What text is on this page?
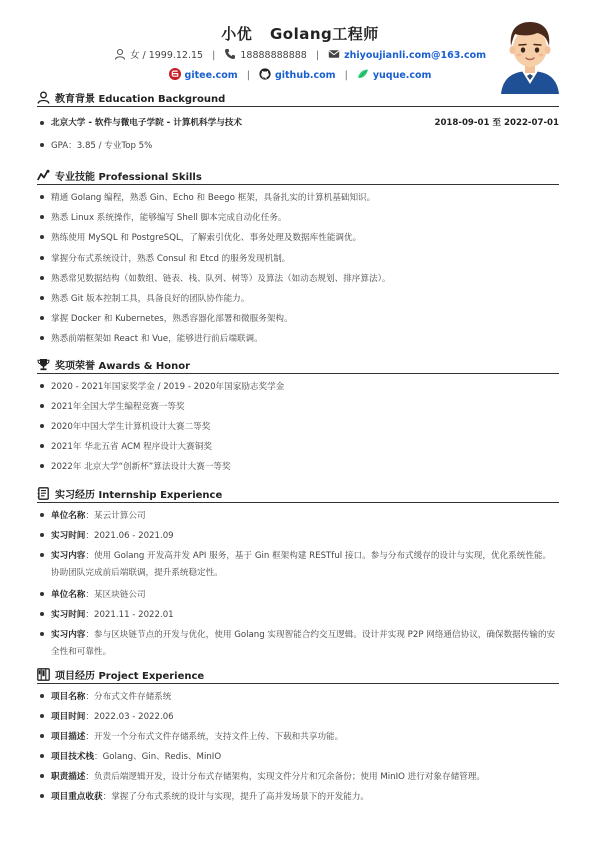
小优 Golang工程师
女 / 1999.12.15 |	18888888888 |	zhiyoujianli.com@163.com
gitee.com |	github.com |	yuque.com
教育背景 Education Background
北京大学 - 软件与微电子学院 - 计算机科学与技术	2018-09-01 至 2022-07-01
GPA：3.85 / 专业Top 5%
专业技能 Professional Skills
精通 Golang 编程，熟悉 Gin、Echo 和 Beego 框架，具备扎实的计算机基础知识。
熟悉 Linux 系统操作，能够编写 Shell 脚本完成自动化任务。
熟练使用 MySQL 和 PostgreSQL，了解索引优化、事务处理及数据库性能调优。
掌握分布式系统设计，熟悉 Consul 和 Etcd 的服务发现机制。
熟悉常见数据结构（如数组、链表、栈、队列、树等）及算法（如动态规划、排序算法）。
熟悉 Git 版本控制工具，具备良好的团队协作能力。
掌握 Docker 和 Kubernetes，熟悉容器化部署和微服务架构。
熟悉前端框架如 React 和 Vue，能够进行前后端联调。
奖项荣誉 Awards & Honor
2020 - 2021年国家奖学金 / 2019 - 2020年国家励志奖学金
2021年全国大学生编程竞赛一等奖
2020年中国大学生计算机设计大赛二等奖
2021年 华北五省 ACM 程序设计大赛铜奖
2022年 北京大学“创新杯”算法设计大赛一等奖
实习经历 Internship Experience
单位名称：某云计算公司
实习时间：2021.06 - 2021.09
实习内容：使用 Golang 开发高并发 API 服务，基于 Gin 框架构建 RESTful 接口。参与分布式缓存的设计与实现，优化系统性能。协助团队完成前后端联调，提升系统稳定性。
单位名称：某区块链公司
实习时间：2021.11 - 2022.01
实习内容：参与区块链节点的开发与优化，使用 Golang 实现智能合约交互逻辑。设计并实现 P2P 网络通信协议，确保数据传输的安全性和可靠性。
项目经历 Project Experience
项目名称：分布式文件存储系统
项目时间：2022.03 - 2022.06
项目描述：开发一个分布式文件存储系统，支持文件上传、下载和共享功能。
项目技术栈：Golang、Gin、Redis、MinIO
职责描述：负责后端逻辑开发，设计分布式存储架构，实现文件分片和冗余备份；使用 MinIO 进行对象存储管理。
项目重点收获：掌握了分布式系统的设计与实现，提升了高并发场景下的开发能力。
